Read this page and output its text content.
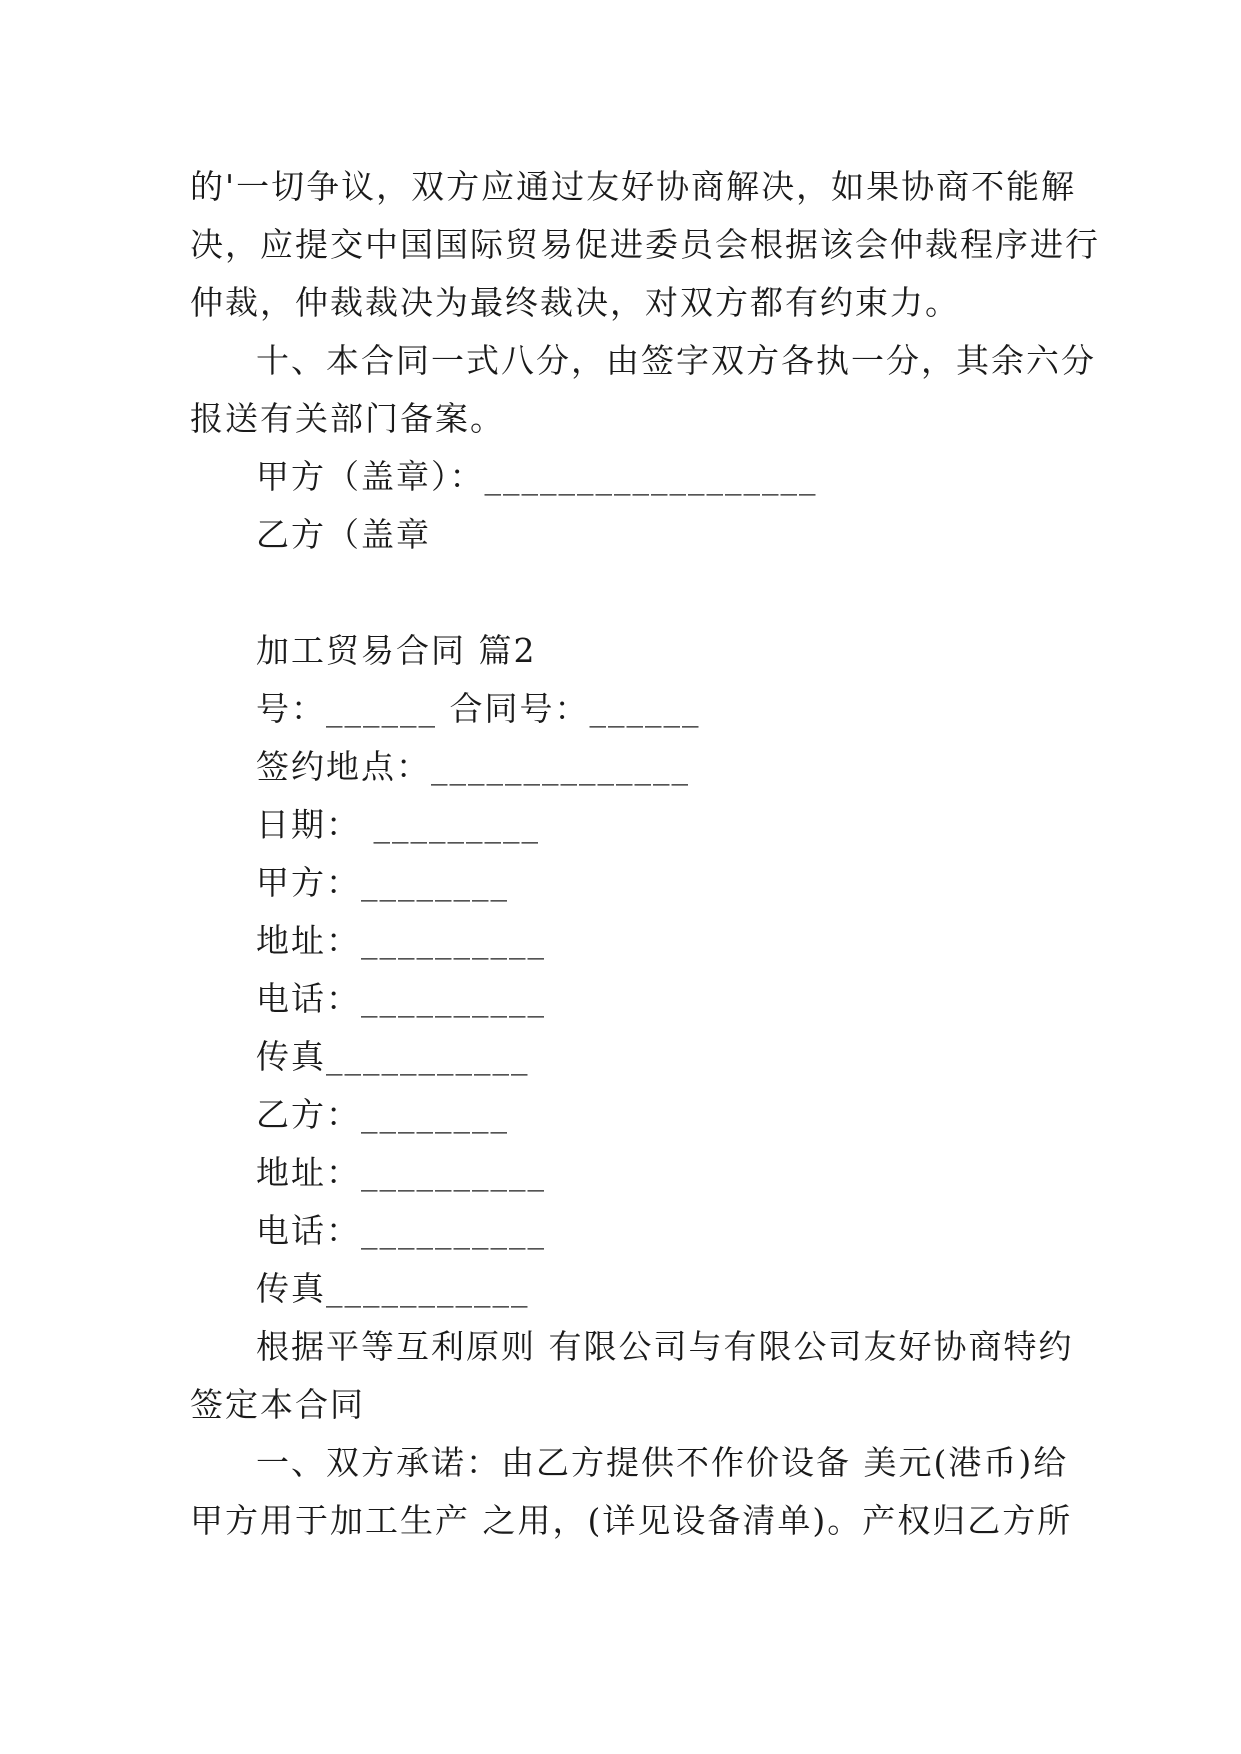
的'一切争议，双方应通过友好协商解决，如果协商不能解
决，应提交中国国际贸易促进委员会根据该会仲裁程序进行
仲裁，仲裁裁决为最终裁决，对双方都有约束力。
十、本合同一式八分，由签字双方各执一分，其余六分
报送有关部门备案。
甲方（盖章）：__________________
乙方（盖章
加工贸易合同 篇2
号：______ 合同号：______
签约地点：______________
日期： _________
甲方：________
地址：__________
电话：__________
传真___________
乙方：________
地址：__________
电话：__________
传真___________
根据平等互利原则 有限公司与有限公司友好协商特约
签定本合同
一、双方承诺：由乙方提供不作价设备 美元(港币)给
甲方用于加工生产 之用，(详见设备清单)。产权归乙方所
